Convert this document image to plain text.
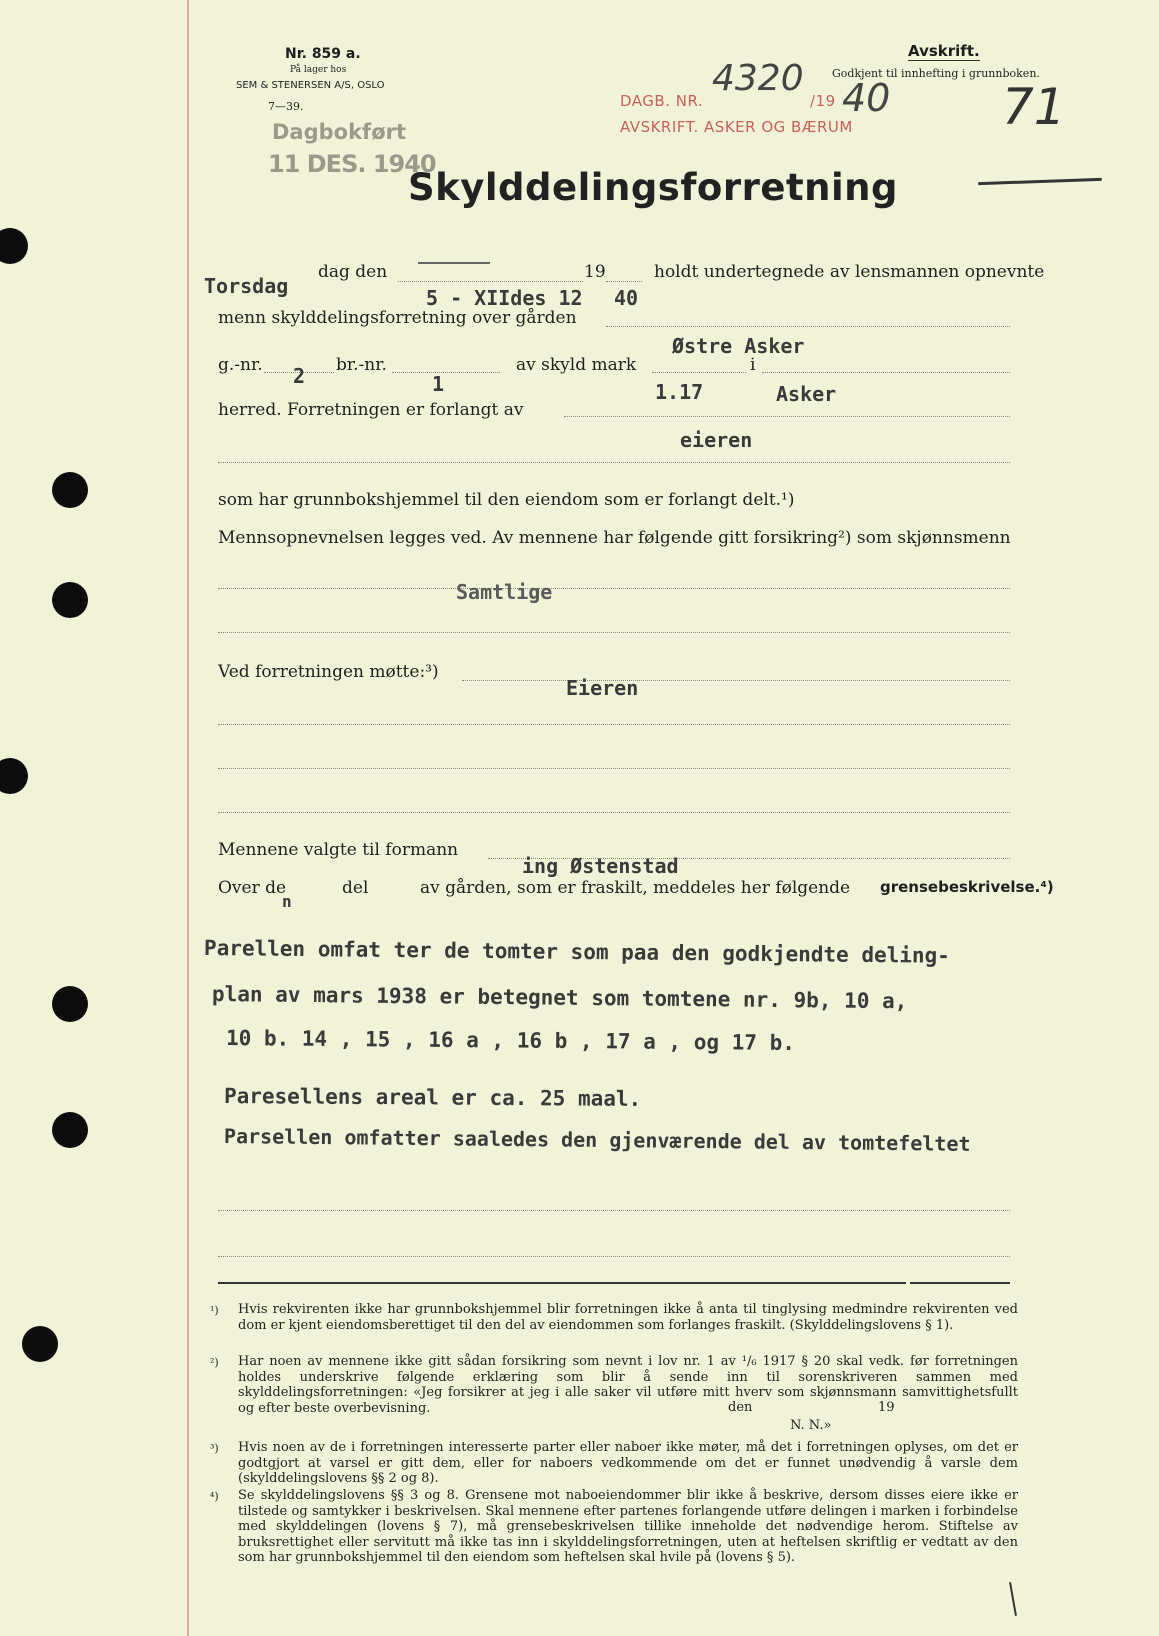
Nr. 859 a.
På lager hos
SEM & STENERSEN A/S, OSLO
7—39.
Dagbokført
11 DES. 1940
Avskrift.
Godkjent til innhefting i grunnboken.
DAGB. NR.
4320
/19 40
AVSKRIFT. ASKER OG BÆRUM	71
Skylddelingsforretning
Torsdag
dag den
5 - XIIdes 12
19
40
holdt undertegnede av lensmannen opnevnte
menn skylddelingsforretning over gården
Østre Asker
g.-nr. 2 br.-nr.
1
av skyld mark	i
herred. Forretningen er forlangt av
1.17	Asker
eieren
som har grunnbokshjemmel til den eiendom som er forlangt delt.¹)
Mennsopnevnelsen legges ved. Av mennene har følgende gitt forsikring²) som skjønnsmenn
Samtlige
Ved forretningen møtte:³)
Eieren
Mennene valgte til formann
ing Østenstad
Over de
n
del	av gården, som er fraskilt, meddeles her følgende grensebeskrivelse.⁴)
Parellen omfat ter de tomter som paa den godkjendte deling-
plan av mars 1938 er betegnet som tomtene nr. 9b, 10 a,
10 b. 14 , 15 , 16 a , 16 b , 17 a , og 17 b.
Paresellens areal er ca. 25 maal.
Parsellen omfatter saaledes den gjenværende del av tomtefeltet
¹) Hvis rekvirenten ikke har grunnbokshjemmel blir forretningen ikke å anta til tinglysing medmindre rekvirenten ved dom er kjent eiendomsberettiget til den del av eiendommen som forlanges fraskilt. (Skylddelingslovens § 1).
²) Har noen av mennene ikke gitt sådan forsikring som nevnt i lov nr. 1 av ¹/₆ 1917 § 20 skal vedk. før forretningen holdes underskrive følgende erklæring som blir å sende inn til sorenskriveren sammen med skylddelingsforretningen: «Jeg forsikrer at jeg i alle saker vil utføre mitt hverv som skjønnsmann samvittighetsfullt og efter beste overbevisning.	den	19
N. N.»
³) Hvis noen av de i forretningen interesserte parter eller naboer ikke møter, må det i forretningen oplyses, om det er godtgjort at varsel er gitt dem, eller for naboers vedkommende om det er funnet unødvendig å varsle dem (skylddelingslovens §§ 2 og 8).
⁴) Se skylddelingslovens §§ 3 og 8. Grensene mot naboeiendommer blir ikke å beskrive, dersom disses eiere ikke er tilstede og samtykker i beskrivelsen. Skal mennene efter partenes forlangende utføre delingen i marken i forbindelse med skylddelingen (lovens § 7), må grensebeskrivelsen tillike inneholde det nødvendige herom. Stiftelse av bruksrettighet eller servitutt må ikke tas inn i skylddelingsforretningen, uten at heftelsen skriftlig er vedtatt av den som har grunnbokshjemmel til den eiendom som heftelsen skal hvile på (lovens § 5).
